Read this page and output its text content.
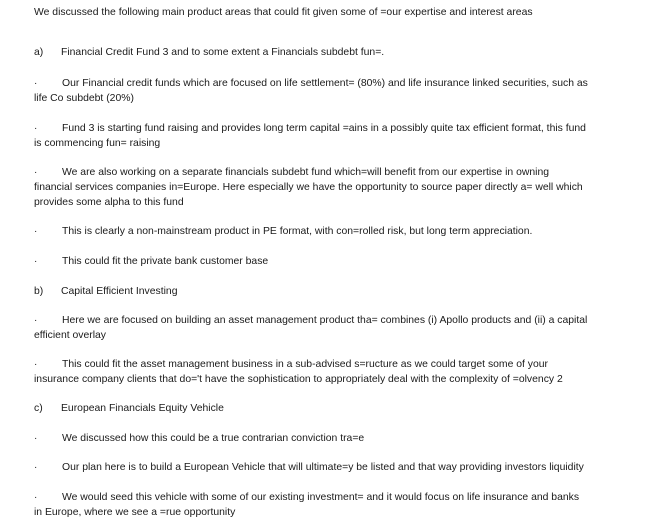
We discussed the following main product areas that could fit given some of =our expertise and interest areas

a) Financial Credit Fund 3 and to some extent a Financials subdebt fun=.

· Our Financial credit funds which are focused on life settlement= (80%) and life insurance linked securities, such as
life Co subdebt (20%)

· Fund 3 is starting fund raising and provides long term capital =ains in a possibly quite tax efficient format, this fund
is commencing fun= raising

· We are also working on a separate financials subdebt fund which=will benefit from our expertise in owning
financial services companies in=Europe. Here especially we have the opportunity to source paper directly a= well which
provides some alpha to this fund

· This is clearly a non-mainstream product in PE format, with con=rolled risk, but long term appreciation.

· This could fit the private bank customer base

b) Capital Efficient Investing

· Here we are focused on building an asset management product tha= combines (i) Apollo products and (ii) a capital
efficient overlay

· This could fit the asset management business in a sub-advised s=ructure as we could target some of your
insurance company clients that do='t have the sophistication to appropriately deal with the complexity of =olvency 2

c) European Financials Equity Vehicle

· We discussed how this could be a true contrarian conviction tra=e

· Our plan here is to build a European Vehicle that will ultimate=y be listed and that way providing investors liquidity

· We would seed this vehicle with some of our existing investment= and it would focus on life insurance and banks
in Europe, where we see a =rue opportunity
